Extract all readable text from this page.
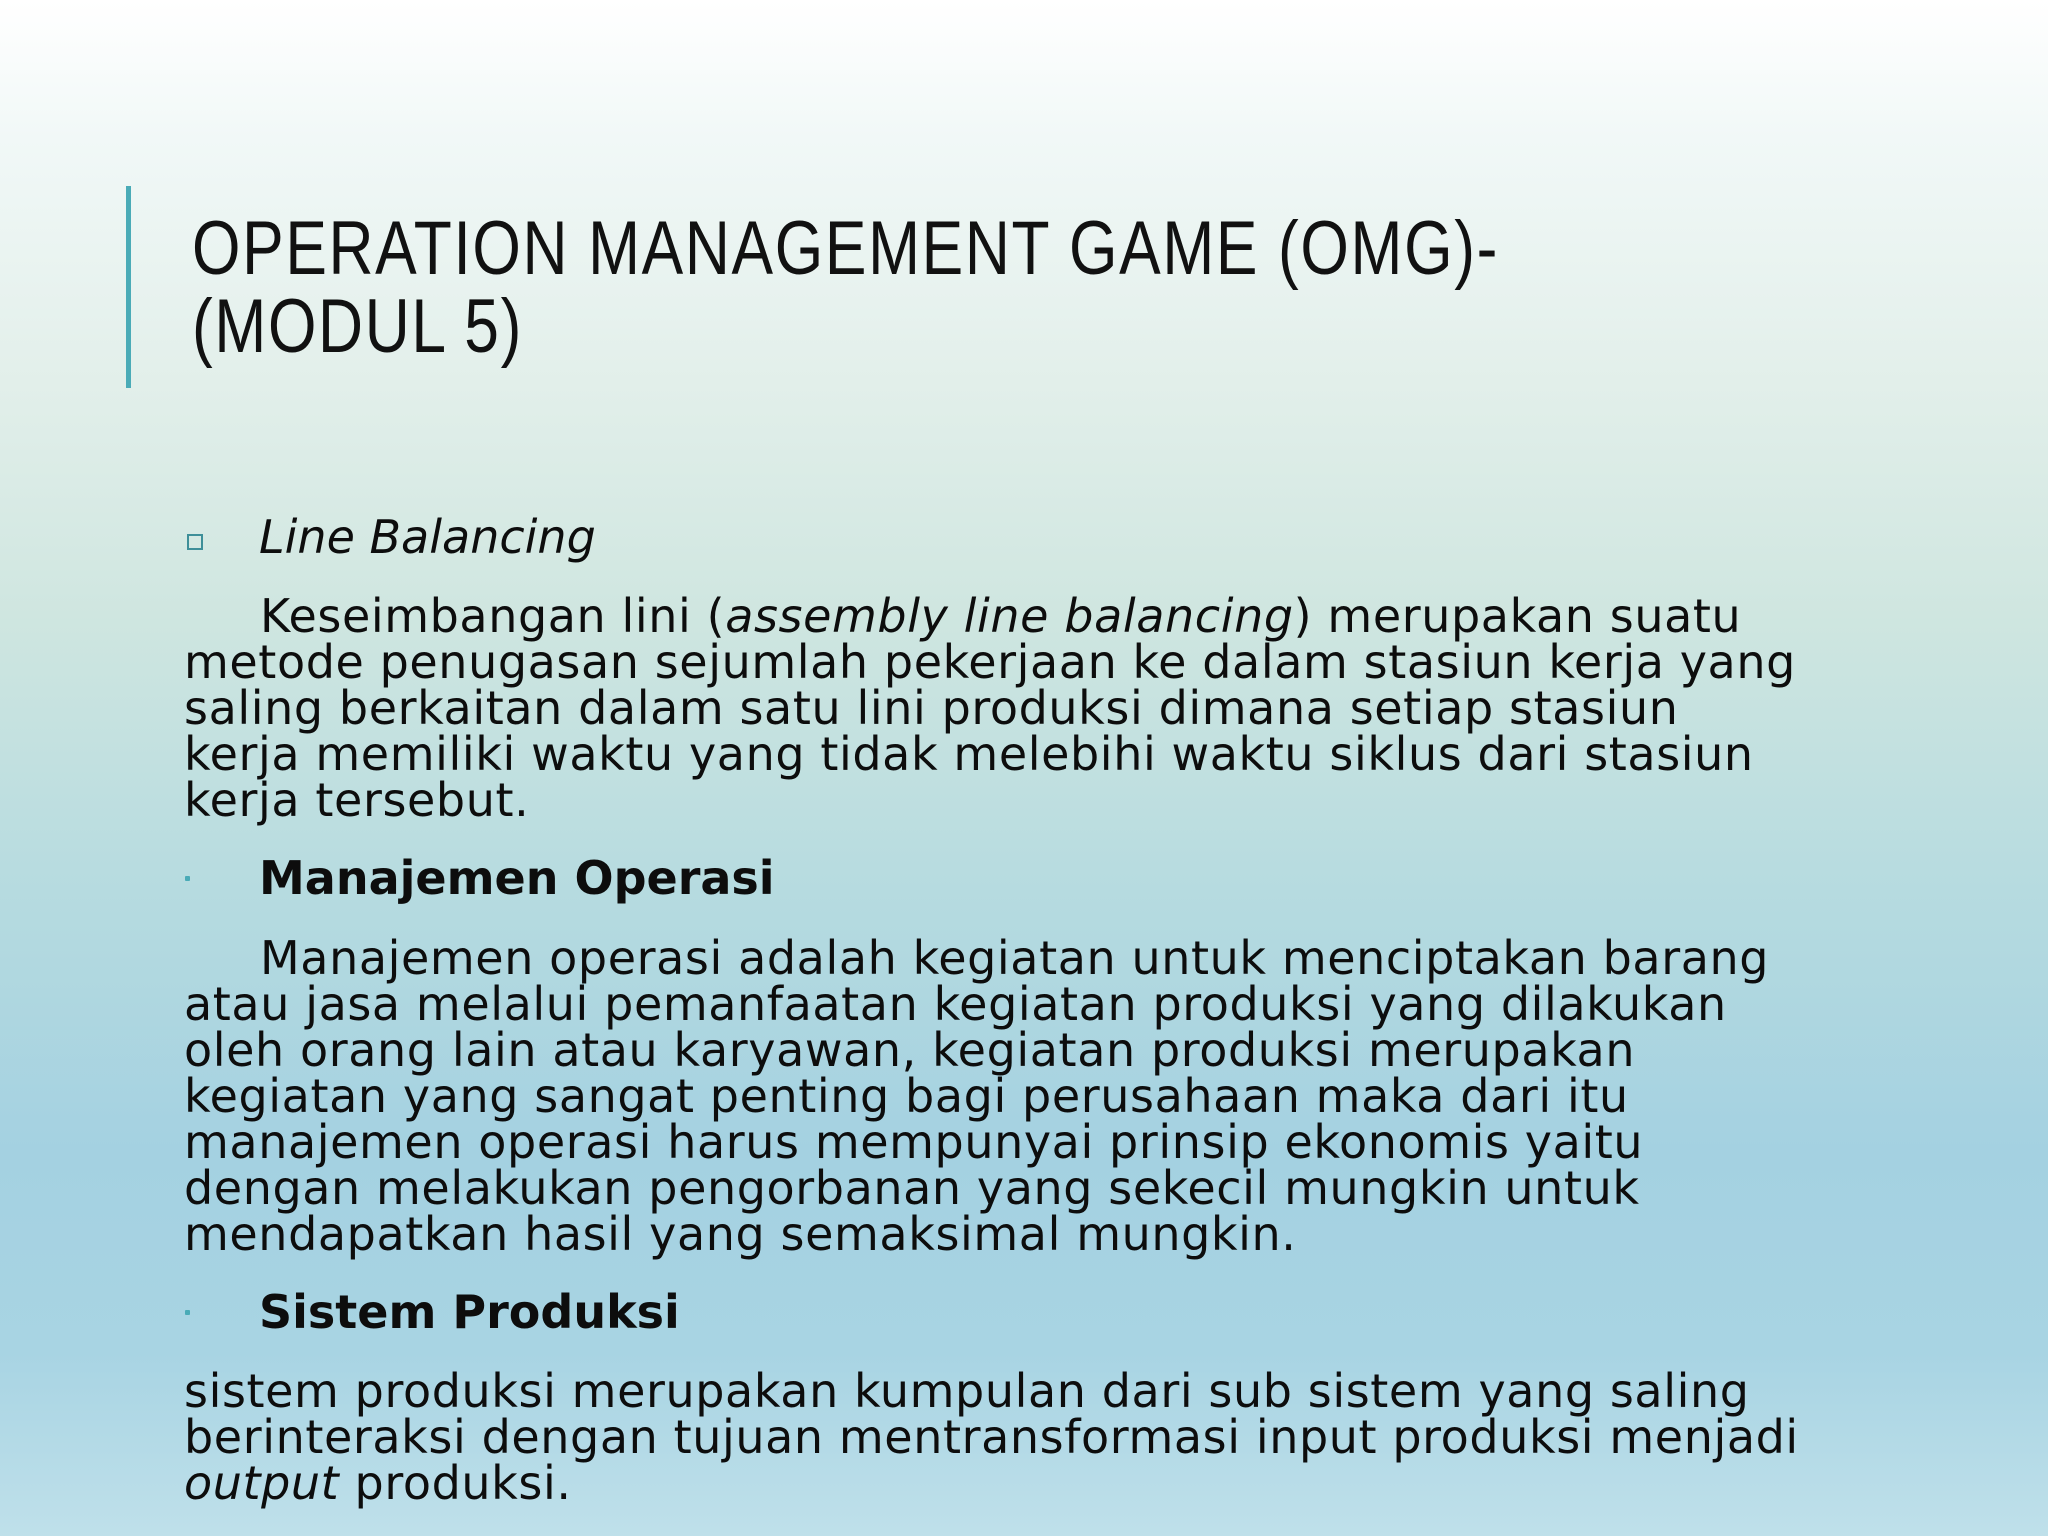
OPERATION MANAGEMENT GAME (OMG)-
(MODUL 5)
Line Balancing

Keseimbangan lini (assembly line balancing) merupakan suatu
metode penugasan sejumlah pekerjaan ke dalam stasiun kerja yang
saling berkaitan dalam satu lini produksi dimana setiap stasiun
kerja memiliki waktu yang tidak melebihi waktu siklus dari stasiun
kerja tersebut.

Manajemen Operasi

Manajemen operasi adalah kegiatan untuk menciptakan barang
atau jasa melalui pemanfaatan kegiatan produksi yang dilakukan
oleh orang lain atau karyawan, kegiatan produksi merupakan
kegiatan yang sangat penting bagi perusahaan maka dari itu
manajemen operasi harus mempunyai prinsip ekonomis yaitu
dengan melakukan pengorbanan yang sekecil mungkin untuk
mendapatkan hasil yang semaksimal mungkin.

Sistem Produksi

sistem produksi merupakan kumpulan dari sub sistem yang saling
berinteraksi dengan tujuan mentransformasi input produksi menjadi
output produksi.
